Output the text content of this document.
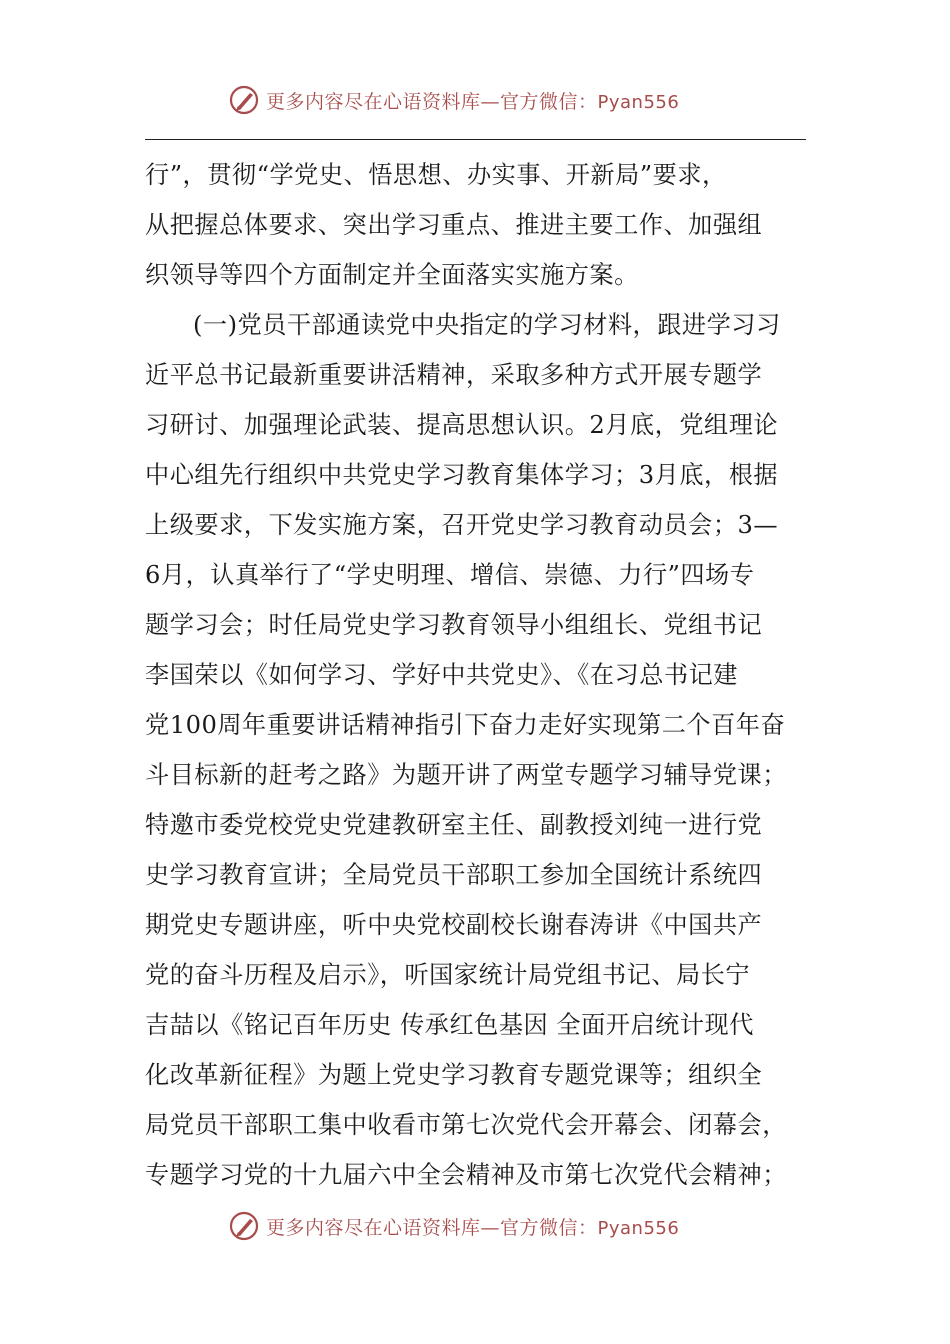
更多内容尽在心语资料库—官方微信：Pyan556
行”，贯彻“学党史、悟思想、办实事、开新局”要求，
从把握总体要求、突出学习重点、推进主要工作、加强组
织领导等四个方面制定并全面落实实施方案。
(一)党员干部通读党中央指定的学习材料，跟进学习习
近平总书记最新重要讲活精神，采取多种方式开展专题学
习研讨、加强理论武装、提高思想认识。2月底，党组理论
中心组先行组织中共党史学习教育集体学习；3月底，根据
上级要求，下发实施方案，召开党史学习教育动员会；3—
6月，认真举行了“学史明理、增信、崇德、力行”四场专
题学习会；时任局党史学习教育领导小组组长、党组书记
李国荣以《如何学习、学好中共党史》、《在习总书记建
党100周年重要讲话精神指引下奋力走好实现第二个百年奋
斗目标新的赶考之路》为题开讲了两堂专题学习辅导党课；
特邀市委党校党史党建教研室主任、副教授刘纯一进行党
史学习教育宣讲；全局党员干部职工参加全国统计系统四
期党史专题讲座，听中央党校副校长谢春涛讲《中国共产
党的奋斗历程及启示》，听国家统计局党组书记、局长宁
吉喆以《铭记百年历史 传承红色基因 全面开启统计现代
化改革新征程》为题上党史学习教育专题党课等；组织全
局党员干部职工集中收看市第七次党代会开幕会、闭幕会，
专题学习党的十九届六中全会精神及市第七次党代会精神；
更多内容尽在心语资料库—官方微信：Pyan556
